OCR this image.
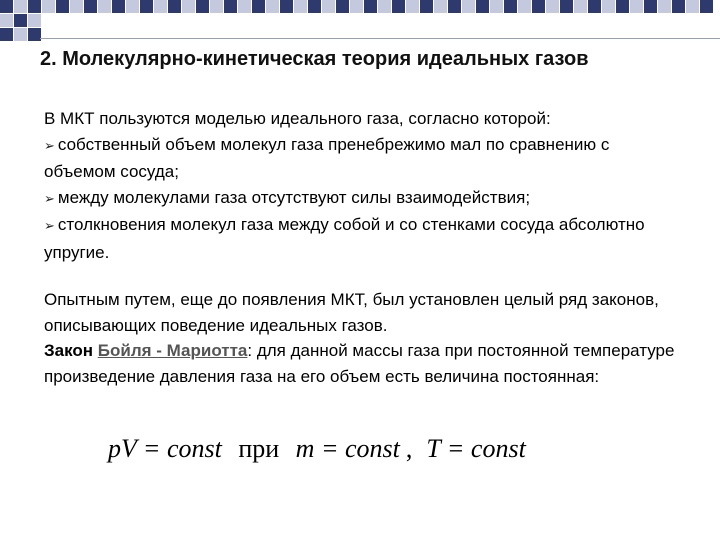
2. Молекулярно-кинетическая теория идеальных газов

В МКТ пользуются моделью идеального газа, согласно которой:

➢ собственный объем молекул газа пренебрежимо мал по сравнению с объемом сосуда;

➢ между молекулами газа отсутствуют силы взаимодействия;

➢ столкновения молекул газа между собой и со стенками сосуда абсолютно упругие.

Опытным путем, еще до появления МКТ, был установлен целый ряд законов, описывающих поведение идеальных газов.

Закон Бойля - Мариотта: для данной массы газа при постоянной температуре произведение давления газа на его объем есть величина постоянная:

pV = const при m = const , T = const
